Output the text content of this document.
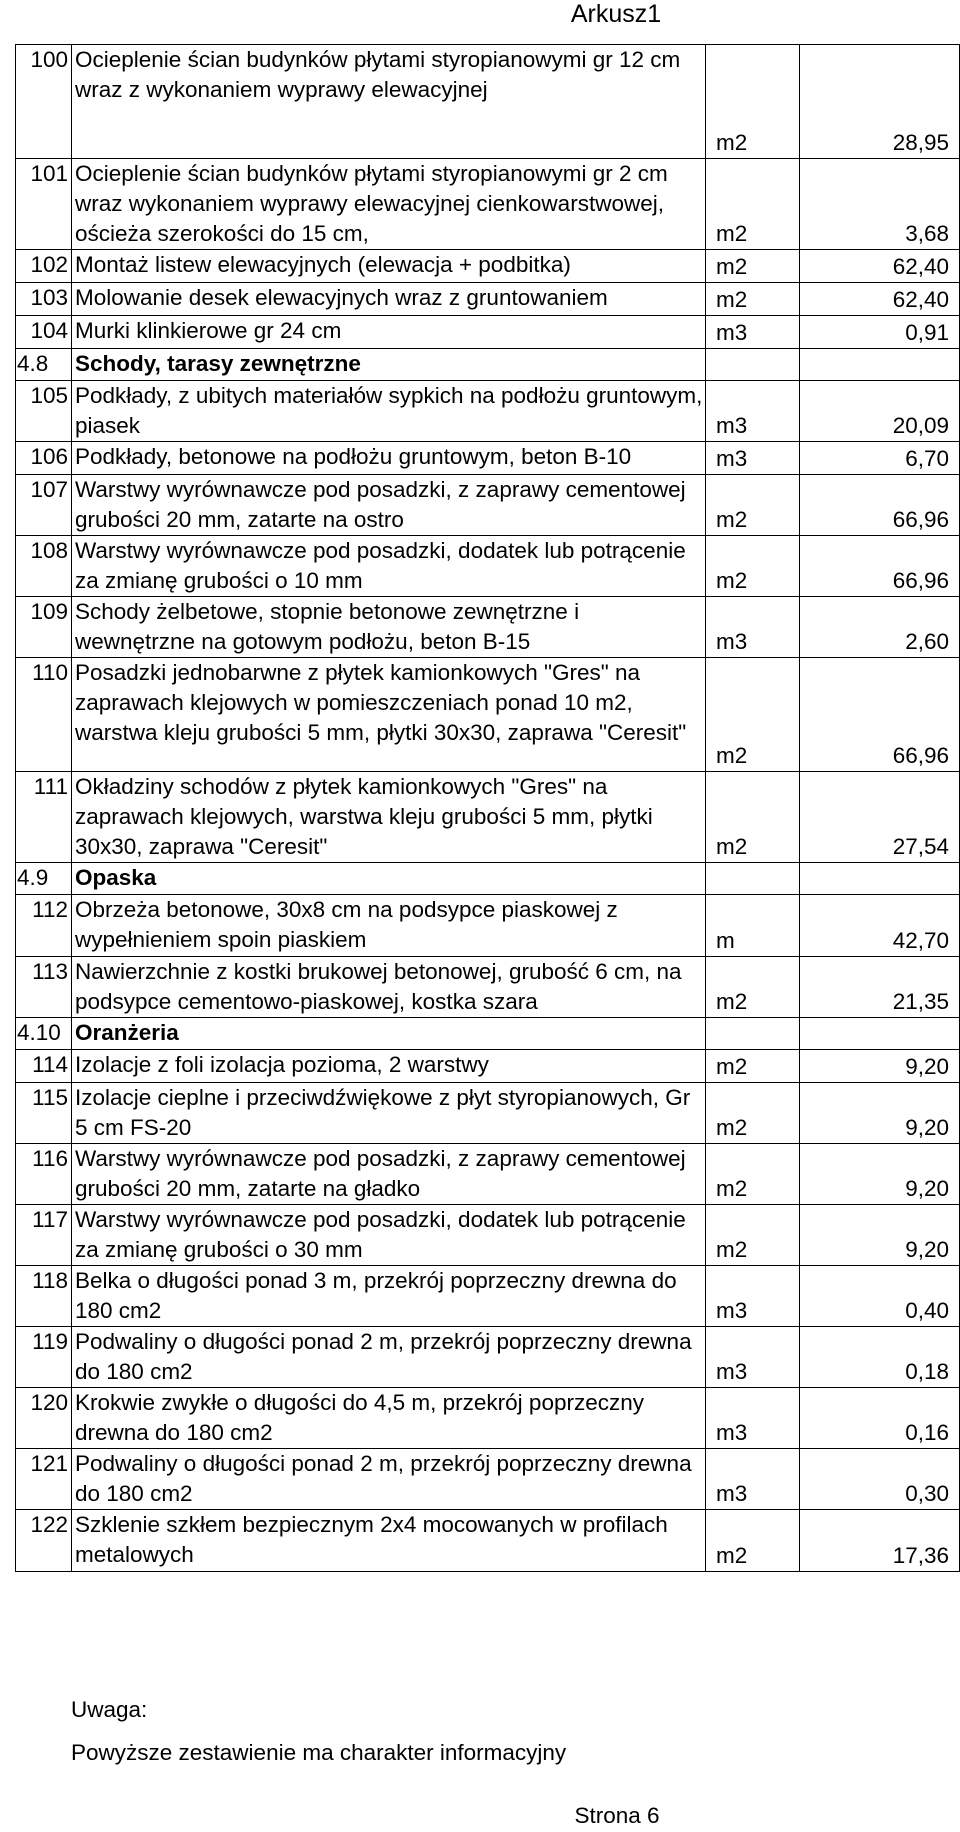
Arkusz1
100	Ocieplenie ścian budynków płytami styropianowymi gr 12 cm wraz z wykonaniem wyprawy elewacyjnej	m2	28,95
101	Ocieplenie ścian budynków płytami styropianowymi gr 2 cm wraz wykonaniem wyprawy elewacyjnej cienkowarstwowej, ościeża szerokości do 15 cm,	m2	3,68
102	Montaż listew elewacyjnych (elewacja + podbitka)	m2	62,40
103	Molowanie desek elewacyjnych wraz z gruntowaniem	m2	62,40
104	Murki klinkierowe gr 24 cm	m3	0,91
4.8	Schody, tarasy zewnętrzne		
105	Podkłady, z ubitych materiałów sypkich na podłożu gruntowym, piasek	m3	20,09
106	Podkłady, betonowe na podłożu gruntowym, beton B-10	m3	6,70
107	Warstwy wyrównawcze pod posadzki, z zaprawy cementowej grubości 20 mm, zatarte na ostro	m2	66,96
108	Warstwy wyrównawcze pod posadzki, dodatek lub potrącenie za zmianę grubości o 10 mm	m2	66,96
109	Schody żelbetowe, stopnie betonowe zewnętrzne i wewnętrzne na gotowym podłożu, beton B-15	m3	2,60
110	Posadzki jednobarwne z płytek kamionkowych "Gres" na zaprawach klejowych w pomieszczeniach ponad 10 m2, warstwa kleju grubości 5 mm, płytki 30x30, zaprawa "Ceresit"	m2	66,96
111	Okładziny schodów z płytek kamionkowych "Gres" na zaprawach klejowych, warstwa kleju grubości 5 mm, płytki 30x30, zaprawa "Ceresit"	m2	27,54
4.9	Opaska		
112	Obrzeża betonowe, 30x8 cm na podsypce piaskowej z wypełnieniem spoin piaskiem	m	42,70
113	Nawierzchnie z kostki brukowej betonowej, grubość 6 cm, na podsypce cementowo-piaskowej, kostka szara	m2	21,35
4.10	Oranżeria		
114	Izolacje z foli izolacja pozioma, 2 warstwy	m2	9,20
115	Izolacje cieplne i przeciwdźwiękowe z płyt styropianowych, Gr 5 cm FS-20	m2	9,20
116	Warstwy wyrównawcze pod posadzki, z zaprawy cementowej grubości 20 mm, zatarte na gładko	m2	9,20
117	Warstwy wyrównawcze pod posadzki, dodatek lub potrącenie za zmianę grubości o 30 mm	m2	9,20
118	Belka o długości ponad 3 m, przekrój poprzeczny drewna do 180 cm2	m3	0,40
119	Podwaliny o długości ponad 2 m, przekrój poprzeczny drewna do 180 cm2	m3	0,18
120	Krokwie zwykłe o długości do 4,5 m, przekrój poprzeczny drewna do 180 cm2	m3	0,16
121	Podwaliny o długości ponad 2 m, przekrój poprzeczny drewna do 180 cm2	m3	0,30
122	Szklenie szkłem bezpiecznym 2x4 mocowanych w profilach metalowych	m2	17,36
Uwaga:
Powyższe zestawienie ma charakter informacyjny
Strona 6
